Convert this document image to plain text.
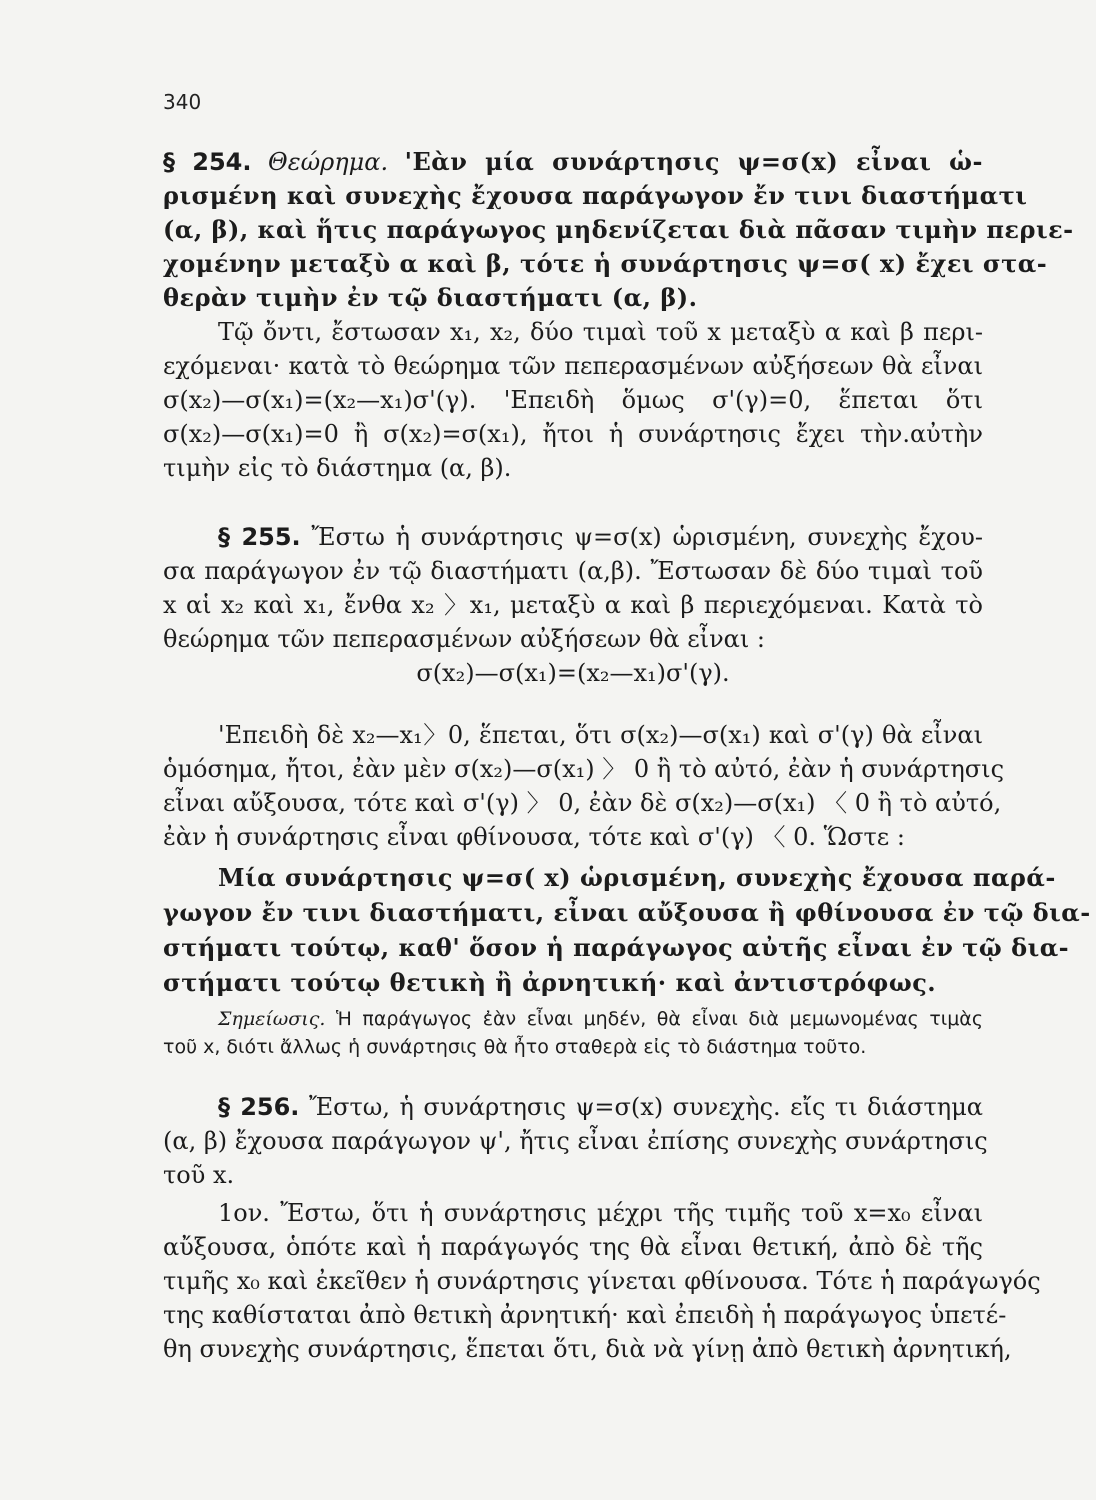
340
§ 254. Θεώρημα. 'Εὰν μία συνάρτησις ψ=σ(x) εἶναι ὡ-
ρισμένη καὶ συνεχὴς ἔχουσα παράγωγον ἔν τινι διαστήματι
(α, β), καὶ ἥτις παράγωγος μηδενίζεται διὰ πᾶσαν τιμὴν περιε-
χομένην μεταξὺ α καὶ β, τότε ἡ συνάρτησις ψ=σ( x) ἔχει στα-
θερὰν τιμὴν ἐν τῷ διαστήματι (α, β).
Τῷ ὄντι, ἔστωσαν x₁, x₂, δύο τιμαὶ τοῦ x μεταξὺ α καὶ β περι-
εχόμεναι· κατὰ τὸ θεώρημα τῶν πεπερασμένων αὐξήσεων θὰ εἶναι
σ(x₂)—σ(x₁)=(x₂—x₁)σ'(γ). 'Επειδὴ ὅμως σ'(γ)=0, ἕπεται ὅτι
σ(x₂)—σ(x₁)=0 ἢ σ(x₂)=σ(x₁), ἤτοι ἡ συνάρτησις ἔχει τὴν.αὐτὴν
τιμὴν εἰς τὸ διάστημα (α, β).
§ 255. Ἔστω ἡ συνάρτησις ψ=σ(x) ὡρισμένη, συνεχὴς ἔχου-
σα παράγωγον ἐν τῷ διαστήματι (α,β). Ἔστωσαν δὲ δύο τιμαὶ τοῦ
x αἱ x₂ καὶ x₁, ἔνθα x₂ 〉x₁, μεταξὺ α καὶ β περιεχόμεναι. Κατὰ τὸ
θεώρημα τῶν πεπερασμένων αὐξήσεων θὰ εἶναι :
σ(x₂)—σ(x₁)=(x₂—x₁)σ'(γ).
'Επειδὴ δὲ x₂—x₁〉0, ἕπεται, ὅτι σ(x₂)—σ(x₁) καὶ σ'(γ) θὰ εἶναι
ὁμόσημα, ἤτοι, ἐὰν μὲν σ(x₂)—σ(x₁) 〉 0 ἢ τὸ αὐτό, ἐὰν ἡ συνάρτησις
εἶναι αὔξουσα, τότε καὶ σ'(γ) 〉 0, ἐὰν δὲ σ(x₂)—σ(x₁) 〈 0 ἢ τὸ αὐτό,
ἐὰν ἡ συνάρτησις εἶναι φθίνουσα, τότε καὶ σ'(γ) 〈 0. Ὥστε :
Μία συνάρτησις ψ=σ( x) ὡρισμένη, συνεχὴς ἔχουσα παρά-
γωγον ἔν τινι διαστήματι, εἶναι αὔξουσα ἢ φθίνουσα ἐν τῷ δια-
στήματι τούτῳ, καθ' ὅσον ἡ παράγωγος αὐτῆς εἶναι ἐν τῷ δια-
στήματι τούτῳ θετικὴ ἢ ἀρνητική· καὶ ἀντιστρόφως.
Σημείωσις. Ἡ παράγωγος ἐὰν εἶναι μηδέν, θὰ εἶναι διὰ μεμωνομένας τιμὰς
τοῦ x, διότι ἄλλως ἡ συνάρτησις θὰ ἦτο σταθερὰ εἰς τὸ διάστημα τοῦτο.
§ 256. Ἔστω, ἡ συνάρτησις ψ=σ(x) συνεχὴς. εἴς τι διάστημα
(α, β) ἔχουσα παράγωγον ψ', ἤτις εἶναι ἐπίσης συνεχὴς συνάρτησις
τοῦ x.
1ον. Ἔστω, ὅτι ἡ συνάρτησις μέχρι τῆς τιμῆς τοῦ x=x₀ εἶναι
αὔξουσα, ὁπότε καὶ ἡ παράγωγός της θὰ εἶναι θετική, ἀπὸ δὲ τῆς
τιμῆς x₀ καὶ ἐκεῖθεν ἡ συνάρτησις γίνεται φθίνουσα. Τότε ἡ παράγωγός
της καθίσταται ἀπὸ θετικὴ ἀρνητική· καὶ ἐπειδὴ ἡ παράγωγος ὑπετέ-
θη συνεχὴς συνάρτησις, ἕπεται ὅτι, διὰ νὰ γίνῃ ἀπὸ θετικὴ ἀρνητική,
